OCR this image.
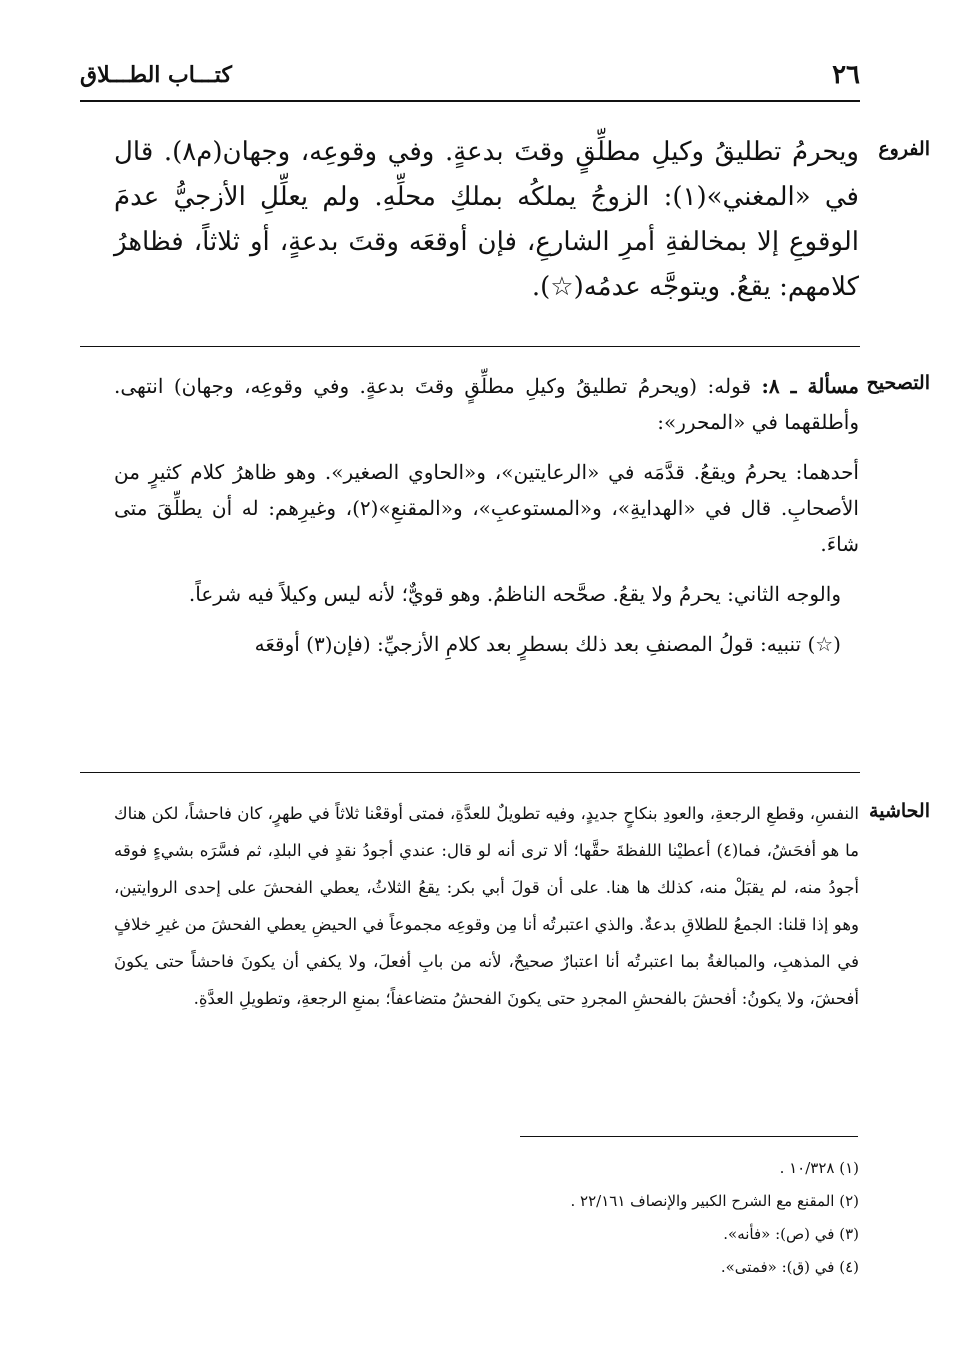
٢٦
كتـــاب الطـــلاق
الفروع
ويحرمُ تطليقُ وكيلِ مطلِّقٍ وقتَ بدعةٍ. وفي وقوعِه، وجهان(م٨). قال في «المغني»(١): الزوجُ يملكُه بملكِ محلِّهِ. ولم يعلِّلِ الأزجيُّ عدمَ الوقوعِ إلا بمخالفةِ أمرِ الشارعِ، فإن أوقعَه وقتَ بدعةٍ، أو ثلاثاً، فظاهرُ كلامهم: يقعُ. ويتوجَّه عدمُه(☆).
التصحيح

مسألة ـ ٨: قوله: (ويحرمُ تطليقُ وكيلِ مطلِّقٍ وقتَ بدعةٍ. وفي وقوعِه، وجهان) انتهى. وأطلقهما في «المحرر»:

أحدهما: يحرمُ ويقعُ. قدَّمَه في «الرعايتين»، و«الحاوي الصغير». وهو ظاهرُ كلام كثيرٍ من الأصحابِ. قال في «الهدايةِ»، و«المستوعبِ»، و«المقنعِ»(٢)، وغيرِهم: له أن يطلِّقَ متى شاءَ.

والوجه الثاني: يحرمُ ولا يقعُ. صحَّحه الناظمُ. وهو قويٌّ؛ لأنه ليس وكيلاً فيه شرعاً.

(☆) تنبيه: قولُ المصنفِ بعد ذلك بسطرٍ بعد كلامِ الأزجيِّ: (فإن(٣) أوقعَه

الحاشية
النفسِ، وقطعِ الرجعةِ، والعودِ بنكاحٍ جديدٍ، وفيه تطويلٌ للعدَّةِ، فمتى أوقعْنا ثلاثاً في طهرٍ، كان فاحشاً، لكن هناك ما هو أفحَشُ، فما(٤) أعطيْنا اللفظةَ حقَّها؛ ألا ترى أنه لو قال: عندي أجودُ نقدٍ في البلدِ، ثم فسَّرَه بشيءٍ فوقه أجودُ منه، لم يقبَلْ منه، كذلك ها هنا. على أن قولَ أبي بكر: يقعُ الثلاثُ، يعطي الفحشَ على إحدى الروايتين، وهو إذا قلنا: الجمعُ للطلاقِ بدعةٌ. والذي اعتبرتُه أنا مِن وقوعِه مجموعاً في الحيضِ يعطي الفحشَ من غيرِ خلافٍ في المذهبِ، والمبالغةُ بما اعتبرتُه أنا اعتبارٌ صحيحٌ، لأنه من بابِ أفعلَ، ولا يكفي أن يكونَ فاحشاً حتى يكونَ أفحشَ، ولا يكونُ: أفحشَ بالفحشِ المجردِ حتى يكونَ الفحشُ متضاعفاً؛ بمنعِ الرجعةِ، وتطويلِ العدَّةِ.
(١) ١٠/٣٢٨ .
(٢) المقنع مع الشرح الكبير والإنصاف ٢٢/١٦١ .
(٣) في (ص): «فأنه».
(٤) في (ق): «فمتى».
